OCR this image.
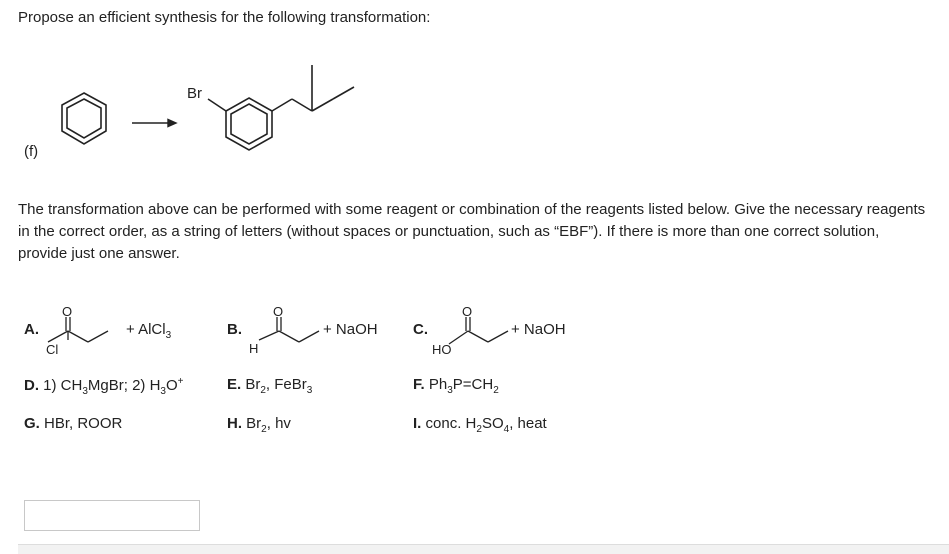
Propose an efficient synthesis for the following transformation:
Br
(f)

The transformation above can be performed with some reagent or combination of the reagents listed below. Give the necessary reagents in the correct order, as a string of letters (without spaces or punctuation, such as “EBF”). If there is more than one correct solution, provide just one answer.

O
Cl
O
H
O
HO
A.	+ AlCl$_3$	B.	+ NaOH C.	+ NaOH
D. 1) $CH_3MgBr$; 2) $H_3O^+$	E. $Br_2$, FeBr$_3$	F. $Ph_3P=CH_2$
G. HBr, ROOR	H. $Br_2$, hv	I. conc. $H_2SO_4$, heat
